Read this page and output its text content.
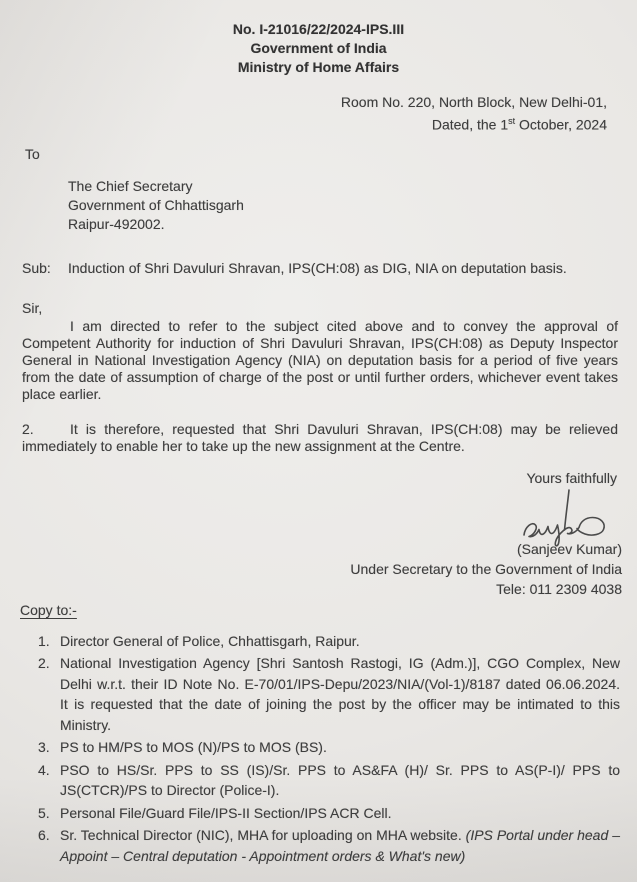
No. I-21016/22/2024-IPS.III
Government of India
Ministry of Home Affairs
Room No. 220, North Block, New Delhi-01,
Dated, the 1st October, 2024
To
The Chief Secretary
Government of Chhattisgarh
Raipur-492002.
Sub:	Induction of Shri Davuluri Shravan, IPS(CH:08) as DIG, NIA on deputation basis.
Sir,

I am directed to refer to the subject cited above and to convey the approval of Competent Authority for induction of Shri Davuluri Shravan, IPS(CH:08) as Deputy Inspector General in National Investigation Agency (NIA) on deputation basis for a period of five years from the date of assumption of charge of the post or until further orders, whichever event takes place earlier.

2.	It is therefore, requested that Shri Davuluri Shravan, IPS(CH:08) may be relieved immediately to enable her to take up the new assignment at the Centre.

Yours faithfully
(Sanjeev Kumar)
Under Secretary to the Government of India
Tele: 011 2309 4038
Copy to:-
1. Director General of Police, Chhattisgarh, Raipur.
2. National Investigation Agency [Shri Santosh Rastogi, IG (Adm.)], CGO Complex, New Delhi w.r.t. their ID Note No. E-70/01/IPS-Depu/2023/NIA/(Vol-1)/8187 dated 06.06.2024. It is requested that the date of joining the post by the officer may be intimated to this Ministry.
3. PS to HM/PS to MOS (N)/PS to MOS (BS).
4. PSO to HS/Sr. PPS to SS (IS)/Sr. PPS to AS&FA (H)/ Sr. PPS to AS(P-I)/ PPS to JS(CTCR)/PS to Director (Police-I).
5. Personal File/Guard File/IPS-II Section/IPS ACR Cell.
6. Sr. Technical Director (NIC), MHA for uploading on MHA website. (IPS Portal under head – Appoint – Central deputation - Appointment orders & What's new)
